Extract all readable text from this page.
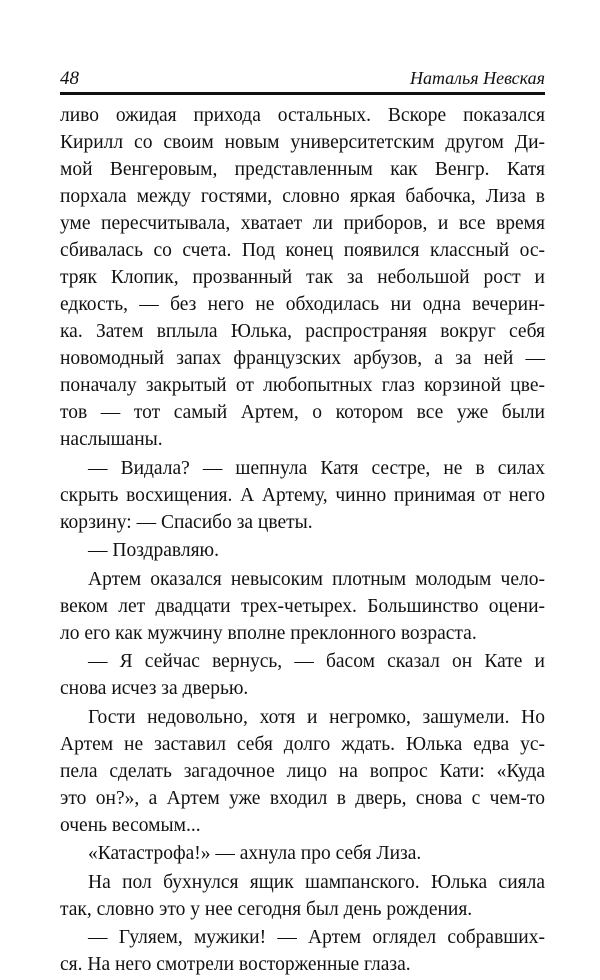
48	Наталья Невская
ливо ожидая прихода остальных. Вскоре показался
Кирилл со своим новым университетским другом Ди-
мой Венгеровым, представленным как Венгр. Катя
порхала между гостями, словно яркая бабочка, Лиза в
уме пересчитывала, хватает ли приборов, и все время
сбивалась со счета. Под конец появился классный ос-
тряк Клопик, прозванный так за небольшой рост и
едкость, — без него не обходилась ни одна вечерин-
ка. Затем вплыла Юлька, распространяя вокруг себя
новомодный запах французских арбузов, а за ней —
поначалу закрытый от любопытных глаз корзиной цве-
тов — тот самый Артем, о котором все уже были
наслышаны.
— Видала? — шепнула Катя сестре, не в силах
скрыть восхищения. А Артему, чинно принимая от него
корзину: — Спасибо за цветы.
— Поздравляю.
Артем оказался невысоким плотным молодым чело-
веком лет двадцати трех-четырех. Большинство оцени-
ло его как мужчину вполне преклонного возраста.
— Я сейчас вернусь, — басом сказал он Кате и
снова исчез за дверью.
Гости недовольно, хотя и негромко, зашумели. Но
Артем не заставил себя долго ждать. Юлька едва ус-
пела сделать загадочное лицо на вопрос Кати: «Куда
это он?», а Артем уже входил в дверь, снова с чем-то
очень весомым...
«Катастрофа!» — ахнула про себя Лиза.
На пол бухнулся ящик шампанского. Юлька сияла
так, словно это у нее сегодня был день рождения.
— Гуляем, мужики! — Артем оглядел собравших-
ся. На него смотрели восторженные глаза.
